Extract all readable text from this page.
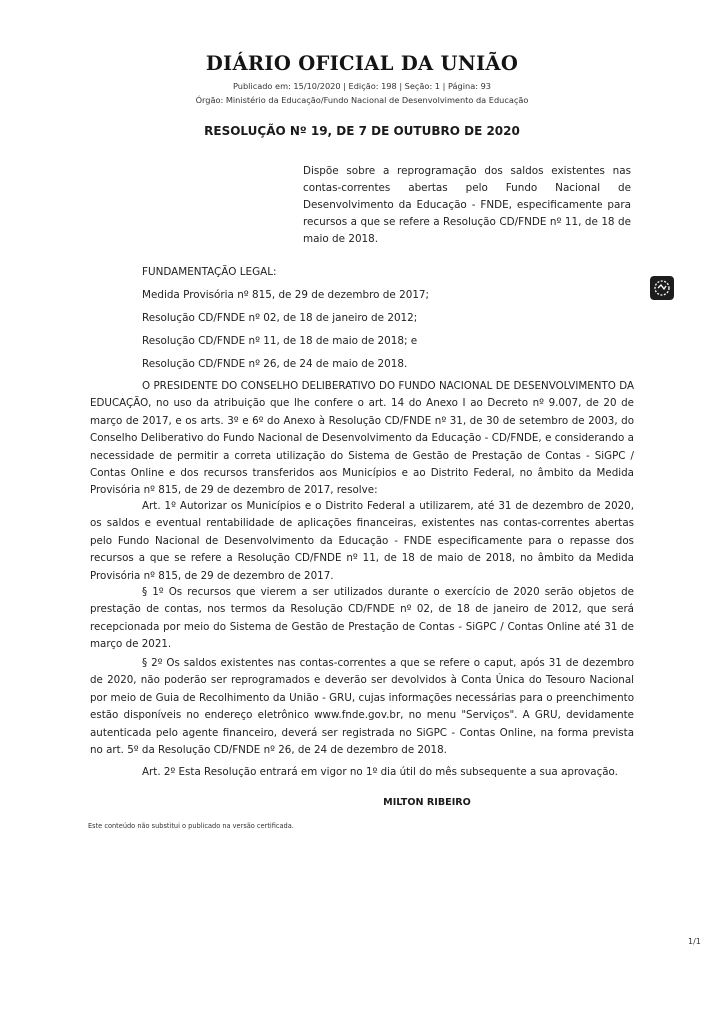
DIÁRIO OFICIAL DA UNIÃO
Publicado em: 15/10/2020 | Edição: 198 | Seção: 1 | Página: 93
Órgão: Ministério da Educação/Fundo Nacional de Desenvolvimento da Educação
RESOLUÇÃO Nº 19, DE 7 DE OUTUBRO DE 2020
Dispõe sobre a reprogramação dos saldos existentes nas contas-correntes abertas pelo Fundo Nacional de Desenvolvimento da Educação - FNDE, especificamente para recursos a que se refere a Resolução CD/FNDE nº 11, de 18 de maio de 2018.
FUNDAMENTAÇÃO LEGAL:
Medida Provisória nº 815, de 29 de dezembro de 2017;
Resolução CD/FNDE nº 02, de 18 de janeiro de 2012;
Resolução CD/FNDE nº 11, de 18 de maio de 2018; e
Resolução CD/FNDE nº 26, de 24 de maio de 2018.
O PRESIDENTE DO CONSELHO DELIBERATIVO DO FUNDO NACIONAL DE DESENVOLVIMENTO DA EDUCAÇÃO, no uso da atribuição que lhe confere o art. 14 do Anexo I ao Decreto nº 9.007, de 20 de março de 2017, e os arts. 3º e 6º do Anexo à Resolução CD/FNDE nº 31, de 30 de setembro de 2003, do Conselho Deliberativo do Fundo Nacional de Desenvolvimento da Educação - CD/FNDE, e considerando a necessidade de permitir a correta utilização do Sistema de Gestão de Prestação de Contas - SiGPC / Contas Online e dos recursos transferidos aos Municípios e ao Distrito Federal, no âmbito da Medida Provisória nº 815, de 29 de dezembro de 2017, resolve:
Art. 1º Autorizar os Municípios e o Distrito Federal a utilizarem, até 31 de dezembro de 2020, os saldos e eventual rentabilidade de aplicações financeiras, existentes nas contas-correntes abertas pelo Fundo Nacional de Desenvolvimento da Educação - FNDE especificamente para o repasse dos recursos a que se refere a Resolução CD/FNDE nº 11, de 18 de maio de 2018, no âmbito da Medida Provisória nº 815, de 29 de dezembro de 2017.
§ 1º Os recursos que vierem a ser utilizados durante o exercício de 2020 serão objetos de prestação de contas, nos termos da Resolução CD/FNDE nº 02, de 18 de janeiro de 2012, que será recepcionada por meio do Sistema de Gestão de Prestação de Contas - SiGPC / Contas Online até 31 de março de 2021.
§ 2º Os saldos existentes nas contas-correntes a que se refere o caput, após 31 de dezembro de 2020, não poderão ser reprogramados e deverão ser devolvidos à Conta Única do Tesouro Nacional por meio de Guia de Recolhimento da União - GRU, cujas informações necessárias para o preenchimento estão disponíveis no endereço eletrônico www.fnde.gov.br, no menu "Serviços". A GRU, devidamente autenticada pelo agente financeiro, deverá ser registrada no SiGPC - Contas Online, na forma prevista no art. 5º da Resolução CD/FNDE nº 26, de 24 de dezembro de 2018.
Art. 2º Esta Resolução entrará em vigor no 1º dia útil do mês subsequente a sua aprovação.
MILTON RIBEIRO
Este conteúdo não substitui o publicado na versão certificada.
1/1
